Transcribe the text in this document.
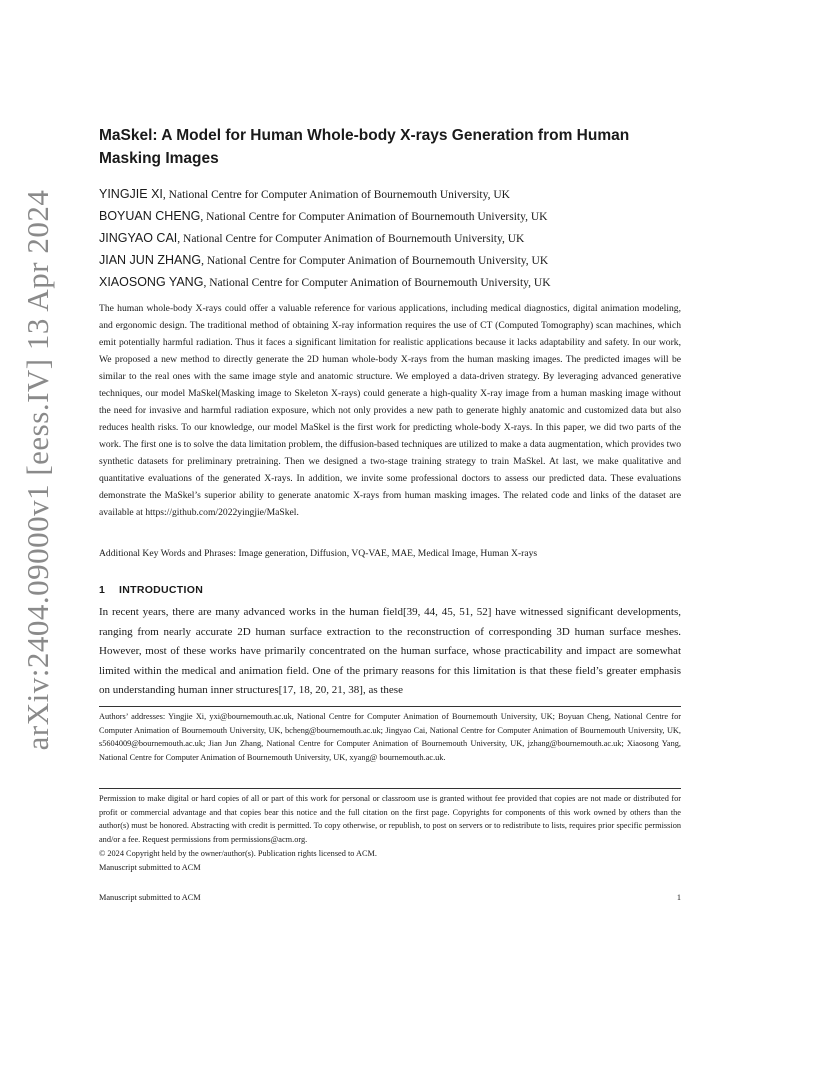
arXiv:2404.09000v1 [eess.IV] 13 Apr 2024
MaSkel: A Model for Human Whole-body X-rays Generation from Human Masking Images
YINGJIE XI, National Centre for Computer Animation of Bournemouth University, UK
BOYUAN CHENG, National Centre for Computer Animation of Bournemouth University, UK
JINGYAO CAI, National Centre for Computer Animation of Bournemouth University, UK
JIAN JUN ZHANG, National Centre for Computer Animation of Bournemouth University, UK
XIAOSONG YANG, National Centre for Computer Animation of Bournemouth University, UK

The human whole-body X-rays could offer a valuable reference for various applications, including medical diagnostics, digital animation modeling, and ergonomic design. The traditional method of obtaining X-ray information requires the use of CT (Computed Tomography) scan machines, which emit potentially harmful radiation. Thus it faces a significant limitation for realistic applications because it lacks adaptability and safety. In our work, We proposed a new method to directly generate the 2D human whole-body X-rays from the human masking images. The predicted images will be similar to the real ones with the same image style and anatomic structure. We employed a data-driven strategy. By leveraging advanced generative techniques, our model MaSkel(Masking image to Skeleton X-rays) could generate a high-quality X-ray image from a human masking image without the need for invasive and harmful radiation exposure, which not only provides a new path to generate highly anatomic and customized data but also reduces health risks. To our knowledge, our model MaSkel is the first work for predicting whole-body X-rays. In this paper, we did two parts of the work. The first one is to solve the data limitation problem, the diffusion-based techniques are utilized to make a data augmentation, which provides two synthetic datasets for preliminary pretraining. Then we designed a two-stage training strategy to train MaSkel. At last, we make qualitative and quantitative evaluations of the generated X-rays. In addition, we invite some professional doctors to assess our predicted data. These evaluations demonstrate the MaSkel’s superior ability to generate anatomic X-rays from human masking images. The related code and links of the dataset are available at https://github.com/2022yingjie/MaSkel.

Additional Key Words and Phrases: Image generation, Diffusion, VQ-VAE, MAE, Medical Image, Human X-rays

1 INTRODUCTION

In recent years, there are many advanced works in the human field[39, 44, 45, 51, 52] have witnessed significant developments, ranging from nearly accurate 2D human surface extraction to the reconstruction of corresponding 3D human surface meshes. However, most of these works have primarily concentrated on the human surface, whose practicability and impact are somewhat limited within the medical and animation field. One of the primary reasons for this limitation is that these field’s greater emphasis on understanding human inner structures[17, 18, 20, 21, 38], as these

Authors’ addresses: Yingjie Xi, yxi@bournemouth.ac.uk, National Centre for Computer Animation of Bournemouth University, UK; Boyuan Cheng, National Centre for Computer Animation of Bournemouth University, UK, bcheng@bournemouth.ac.uk; Jingyao Cai, National Centre for Computer Animation of Bournemouth University, UK, s5604009@bournemouth.ac.uk; Jian Jun Zhang, National Centre for Computer Animation of Bournemouth University, UK, jzhang@bournemouth.ac.uk; Xiaosong Yang, National Centre for Computer Animation of Bournemouth University, UK, xyang@ bournemouth.ac.uk.

Permission to make digital or hard copies of all or part of this work for personal or classroom use is granted without fee provided that copies are not made or distributed for profit or commercial advantage and that copies bear this notice and the full citation on the first page. Copyrights for components of this work owned by others than the author(s) must be honored. Abstracting with credit is permitted. To copy otherwise, or republish, to post on servers or to redistribute to lists, requires prior specific permission and/or a fee. Request permissions from permissions@acm.org.

© 2024 Copyright held by the owner/author(s). Publication rights licensed to ACM.

Manuscript submitted to ACM

Manuscript submitted to ACM	1
